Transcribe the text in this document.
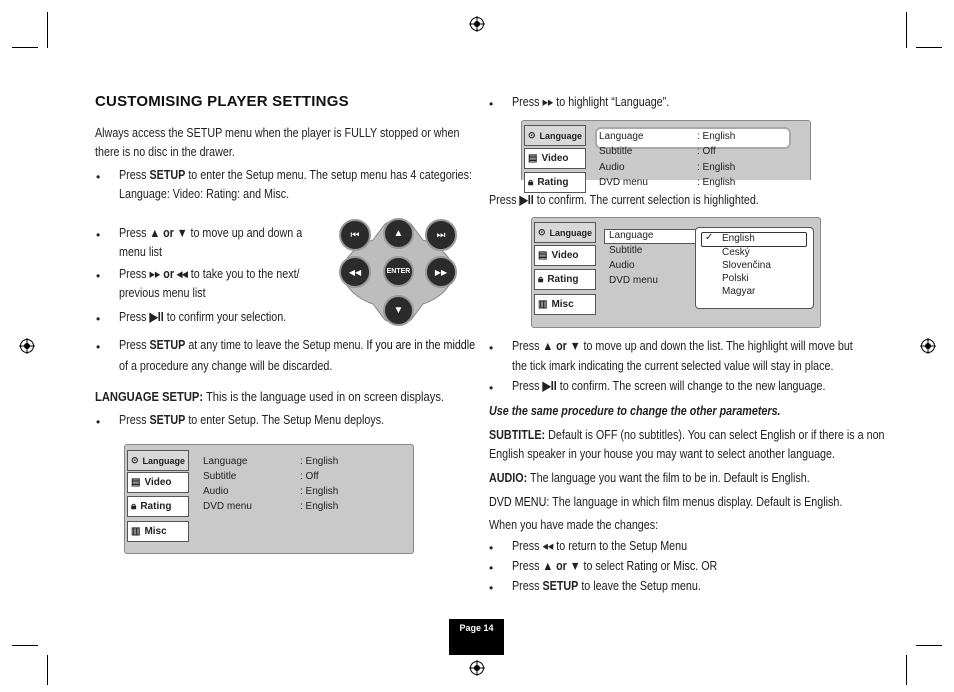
CUSTOMISING PLAYER SETTINGS
Always access the SETUP menu when the player is FULLY stopped or when
there is no disc in the drawer.
• Press SETUP to enter the Setup menu. The setup menu has 4 categories:
Language: Video: Rating: and Misc.
• Press ▲ or ▼ to move up and down a
menu list
• Press ▸▸ or ◂◂ to take you to the next/
previous menu list
• Press ▶II to confirm your selection.
• Press SETUP at any time to leave the Setup menu. If you are in the middle
of a procedure any change will be discarded.
LANGUAGE SETUP: This is the language used in on screen displays.
• Press SETUP to enter Setup. The Setup Menu deploys.
⏮	▲	⏭
◀◀	ENTER	▶▶
▼
⊙ Language
▤ Video
🔒︎ Rating
▥ Misc
Language	: English
Subtitle	: Off
Audio	: English
DVD menu	: English
• Press ▸▸ to highlight “Language”.
⊙ Language
▤ Video
🔒︎ Rating
Language	: English
Subtitle	: Off
Audio	: English
DVD menu	: English
Press ▶II to confirm. The current selection is highlighted.
⊙ Language
▤ Video
🔒︎ Rating
▥ Misc
Language
Subtitle
Audio
DVD menu
✓ English
Český
Slovenčina
Polski
Magyar
• Press ▲ or ▼ to move up and down the list. The highlight will move but
the tick imark indicating the current selected value will stay in place.
• Press ▶II to confirm. The screen will change to the new language.
Use the same procedure to change the other parameters.
SUBTITLE: Default is OFF (no subtitles). You can select English or if there is a non
English speaker in your house you may want to select another language.
AUDIO: The language you want the film to be in. Default is English.
DVD MENU: The language in which film menus display. Default is English.
When you have made the changes:
• Press ◂◂ to return to the Setup Menu
• Press ▲ or ▼ to select Rating or Misc. OR
• Press SETUP to leave the Setup menu.
Page 14
